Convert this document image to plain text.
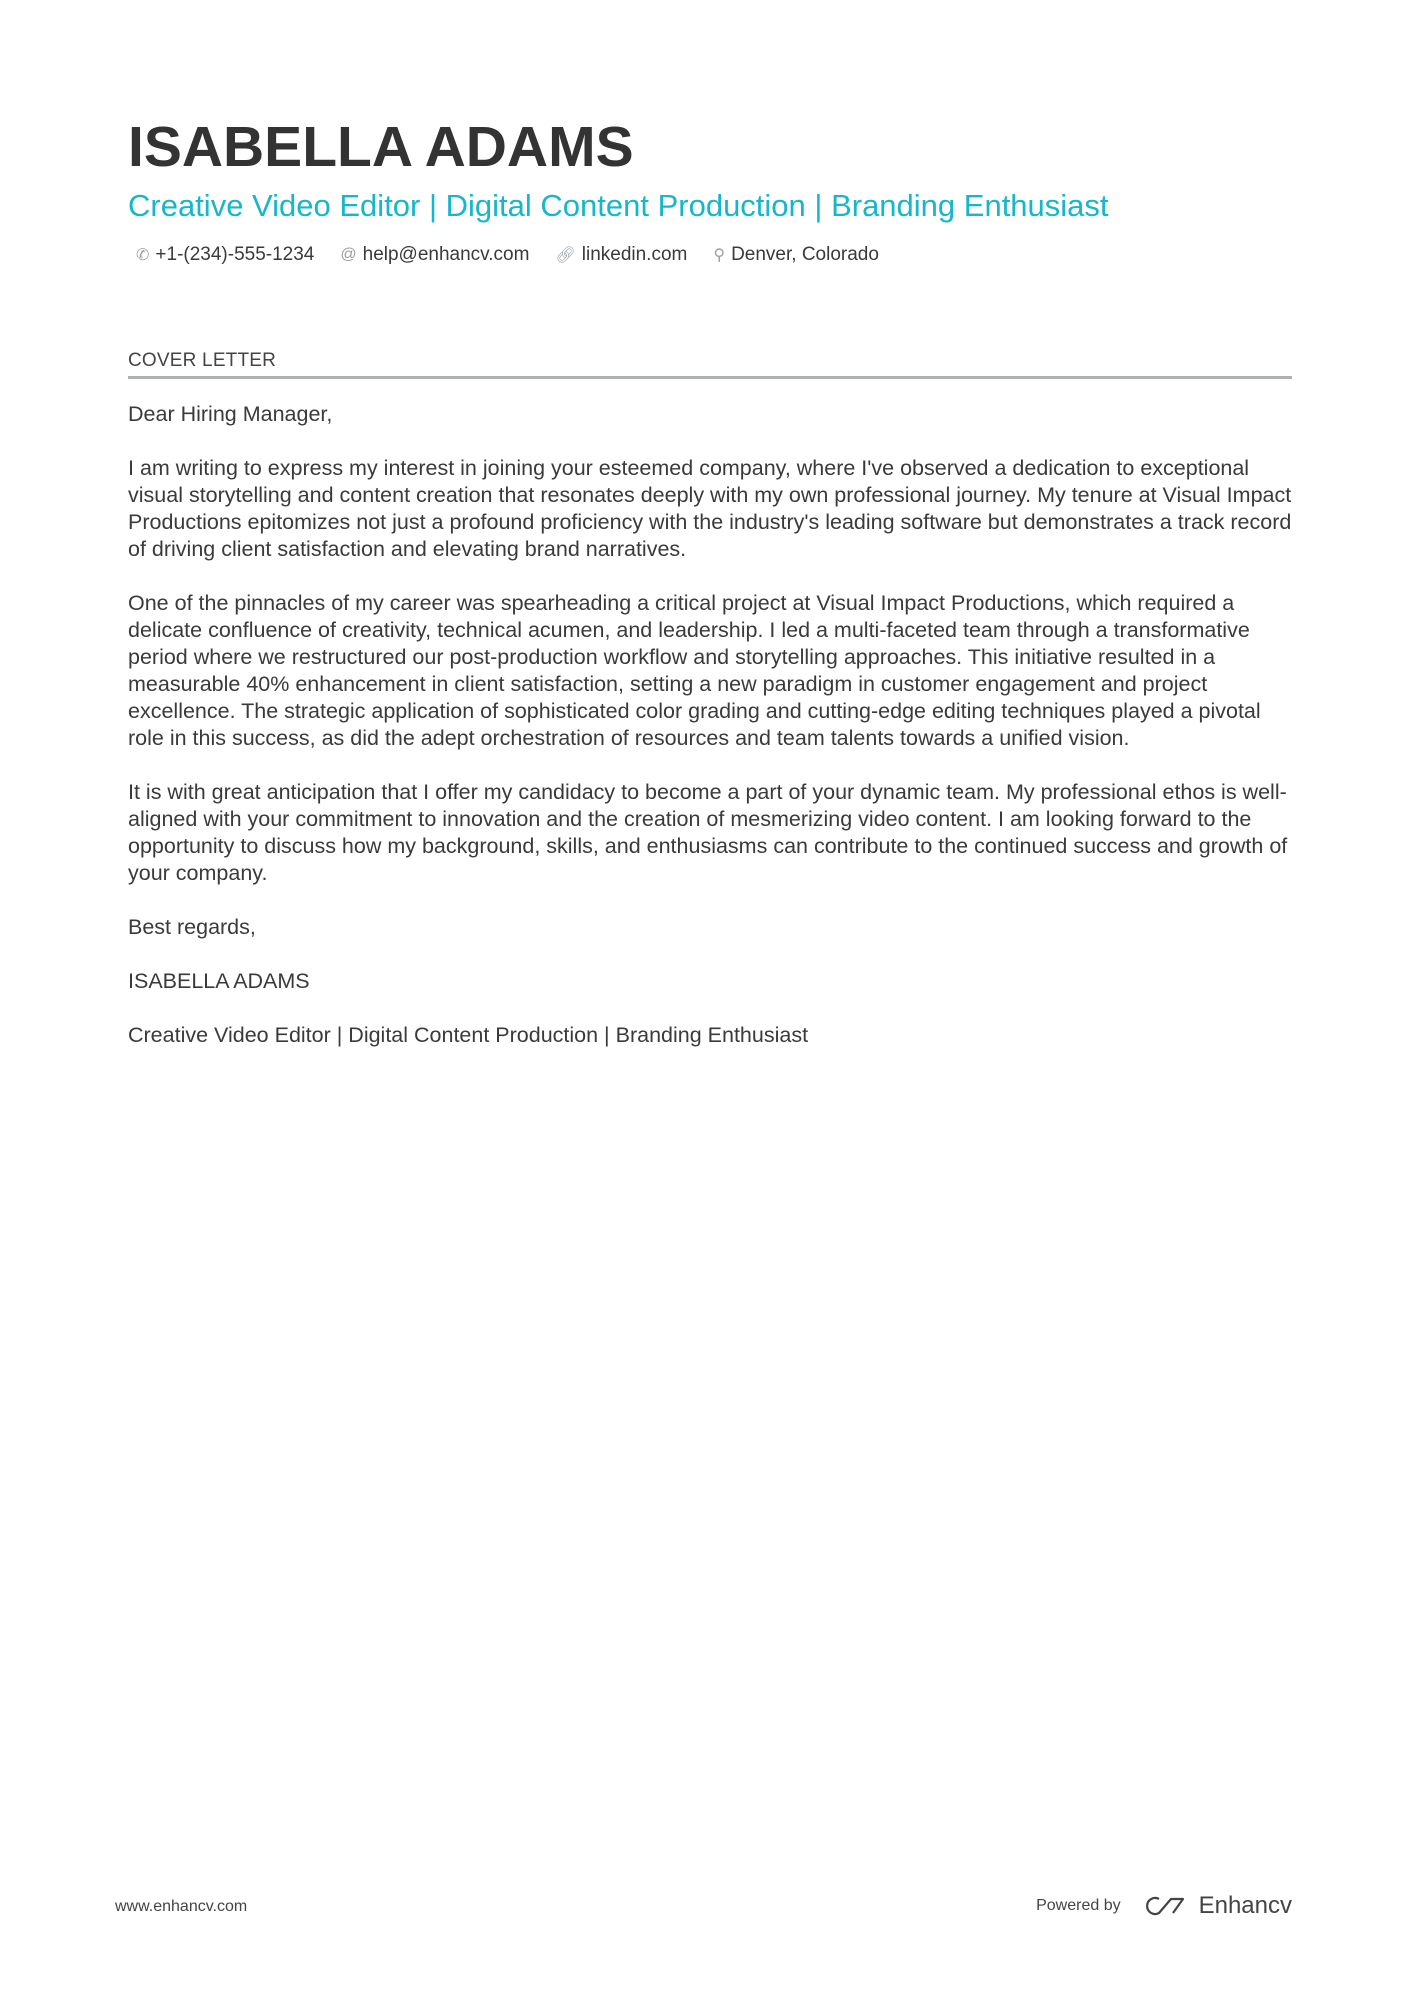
ISABELLA ADAMS
Creative Video Editor | Digital Content Production | Branding Enthusiast
✆ +1-(234)-555-1234 @ help@enhancv.com 🔗︎ linkedin.com ⚲ Denver, Colorado
COVER LETTER

Dear Hiring Manager,

I am writing to express my interest in joining your esteemed company, where I've observed a dedication to exceptional visual storytelling and content creation that resonates deeply with my own professional journey. My tenure at Visual Impact Productions epitomizes not just a profound proficiency with the industry's leading software but demonstrates a track record of driving client satisfaction and elevating brand narratives.

One of the pinnacles of my career was spearheading a critical project at Visual Impact Productions, which required a delicate confluence of creativity, technical acumen, and leadership. I led a multi-faceted team through a transformative period where we restructured our post-production workflow and storytelling approaches. This initiative resulted in a measurable 40% enhancement in client satisfaction, setting a new paradigm in customer engagement and project excellence. The strategic application of sophisticated color grading and cutting-edge editing techniques played a pivotal role in this success, as did the adept orchestration of resources and team talents towards a unified vision.

It is with great anticipation that I offer my candidacy to become a part of your dynamic team. My professional ethos is well-aligned with your commitment to innovation and the creation of mesmerizing video content. I am looking forward to the opportunity to discuss how my background, skills, and enthusiasms can contribute to the continued success and growth of your company.

Best regards,

ISABELLA ADAMS

Creative Video Editor | Digital Content Production | Branding Enthusiast

www.enhancv.com	Powered by	Enhancv
